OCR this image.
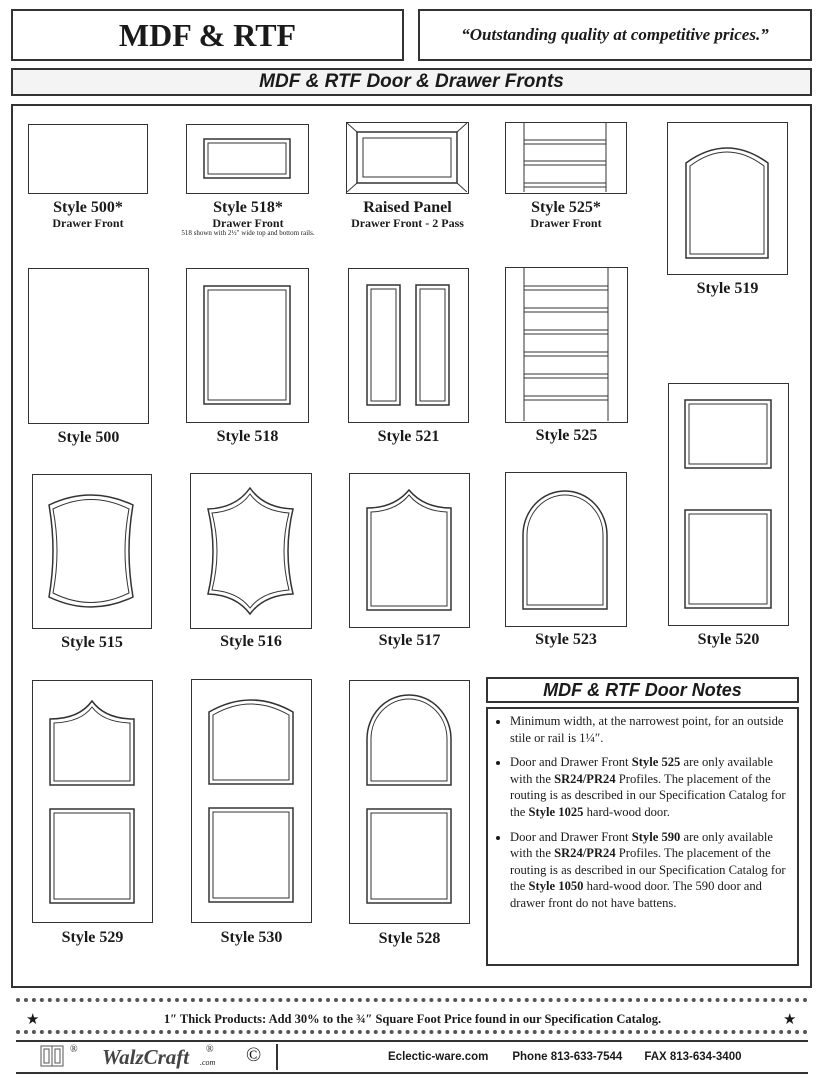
MDF & RTF	“Outstanding quality at competitive prices.”
MDF & RTF Door & Drawer Fronts
Style 500*
Drawer Front
Style 518*
Drawer Front
518 shown with 2½″ wide top and bottom rails.
Raised Panel
Drawer Front - 2 Pass
Style 525*
Drawer Front
Style 519
Style 500	Style 518	Style 521	Style 525
Style 520
Style 515	Style 516	Style 517	Style 523
Style 529	Style 530	Style 528
MDF & RTF Door Notes
• Minimum width, at the narrowest point, for an outside stile or rail is 1¼″.
• Door and Drawer Front Style 525 are only available with the SR24/PR24 Profiles. The placement of the routing is as described in our Specification Catalog for the Style 1025 hard-wood door.
• Door and Drawer Front Style 590 are only available with the SR24/PR24 Profiles. The placement of the routing is as described in our Specification Catalog for the Style 1050 hard-wood door. The 590 door and drawer front do not have battens.
★	1″ Thick Products: Add 30% to the ¾″ Square Foot Price found in our Specification Catalog.	★
® WalzCraft ®
.com ©	Eclectic-ware.com Phone 813-633-7544 FAX 813-634-3400
